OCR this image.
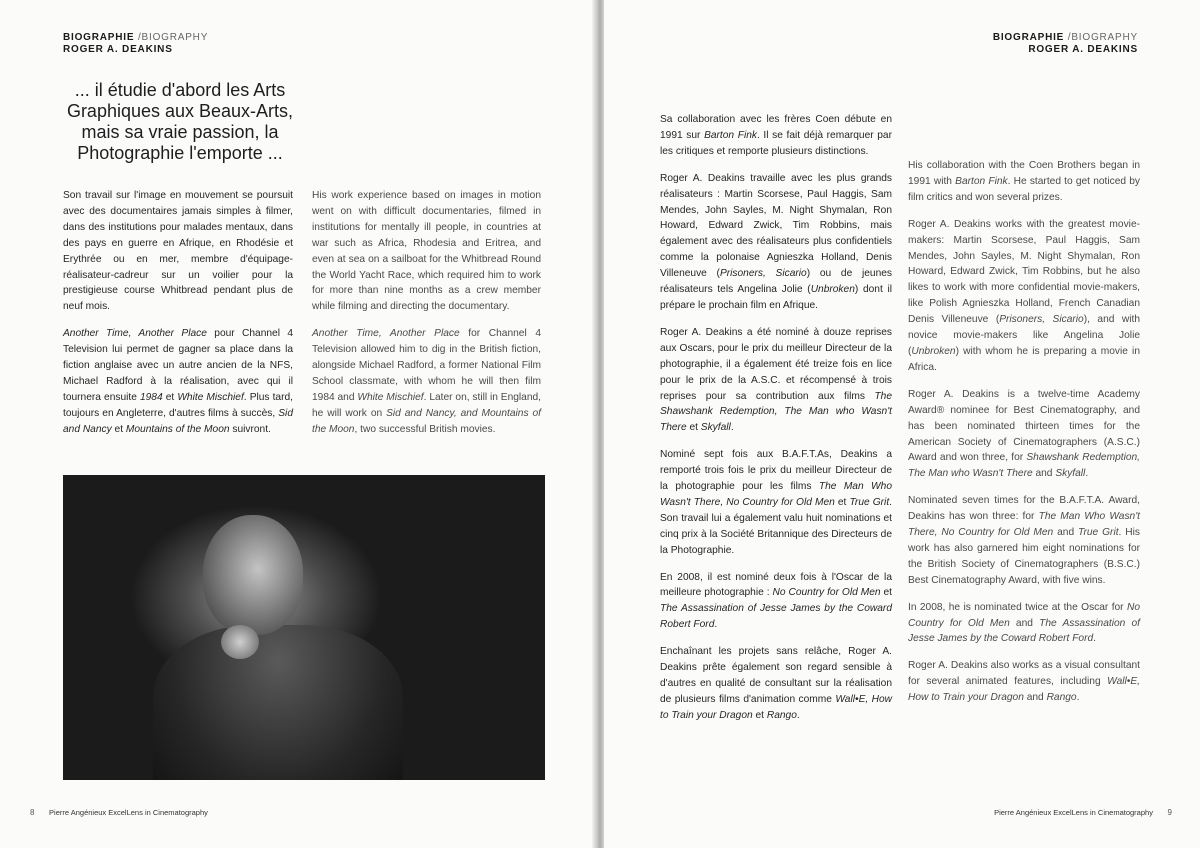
BIOGRAPHIE /BIOGRAPHY
ROGER A. DEAKINS
... il étudie d'abord les Arts Graphiques aux Beaux-Arts, mais sa vraie passion, la Photographie l'emporte ...

Son travail sur l'image en mouvement se poursuit avec des documentaires jamais simples à filmer, dans des institutions pour malades mentaux, dans des pays en guerre en Afrique, en Rhodésie et Erythrée ou en mer, membre d'équipage-réalisateur-cadreur sur un voilier pour la prestigieuse course Whitbread pendant plus de neuf mois.

Another Time, Another Place pour Channel 4 Television lui permet de gagner sa place dans la fiction anglaise avec un autre ancien de la NFS, Michael Radford à la réalisation, avec qui il tournera ensuite 1984 et White Mischief. Plus tard, toujours en Angleterre, d'autres films à succès, Sid and Nancy et Mountains of the Moon suivront.

His work experience based on images in motion went on with difficult documentaries, filmed in institutions for mentally ill people, in countries at war such as Africa, Rhodesia and Eritrea, and even at sea on a sailboat for the Whitbread Round the World Yacht Race, which required him to work for more than nine months as a crew member while filming and directing the documentary.

Another Time, Another Place for Channel 4 Television allowed him to dig in the British fiction, alongside Michael Radford, a former National Film School classmate, with whom he will then film 1984 and White Mischief. Later on, still in England, he will work on Sid and Nancy, and Mountains of the Moon, two successful British movies.

8 Pierre Angénieux ExcelLens in Cinematography
BIOGRAPHIE /BIOGRAPHY
ROGER A. DEAKINS

Sa collaboration avec les frères Coen débute en 1991 sur Barton Fink. Il se fait déjà remarquer par les critiques et remporte plusieurs distinctions.

Roger A. Deakins travaille avec les plus grands réalisateurs : Martin Scorsese, Paul Haggis, Sam Mendes, John Sayles, M. Night Shymalan, Ron Howard, Edward Zwick, Tim Robbins, mais également avec des réalisateurs plus confidentiels comme la polonaise Agnieszka Holland, Denis Villeneuve (Prisoners, Sicario) ou de jeunes réalisateurs tels Angelina Jolie (Unbroken) dont il prépare le prochain film en Afrique.

Roger A. Deakins a été nominé à douze reprises aux Oscars, pour le prix du meilleur Directeur de la photographie, il a également été treize fois en lice pour le prix de la A.S.C. et récompensé à trois reprises pour sa contribution aux films The Shawshank Redemption, The Man who Wasn't There et Skyfall.

Nominé sept fois aux B.A.F.T.As, Deakins a remporté trois fois le prix du meilleur Directeur de la photographie pour les films The Man Who Wasn't There, No Country for Old Men et True Grit. Son travail lui a également valu huit nominations et cinq prix à la Société Britannique des Directeurs de la Photographie.

En 2008, il est nominé deux fois à l'Oscar de la meilleure photographie : No Country for Old Men et The Assassination of Jesse James by the Coward Robert Ford.

Enchaînant les projets sans relâche, Roger A. Deakins prête également son regard sensible à d'autres en qualité de consultant sur la réalisation de plusieurs films d'animation comme Wall•E, How to Train your Dragon et Rango.

His collaboration with the Coen Brothers began in 1991 with Barton Fink. He started to get noticed by film critics and won several prizes.

Roger A. Deakins works with the greatest movie-makers: Martin Scorsese, Paul Haggis, Sam Mendes, John Sayles, M. Night Shymalan, Ron Howard, Edward Zwick, Tim Robbins, but he also likes to work with more confidential movie-makers, like Polish Agnieszka Holland, French Canadian Denis Villeneuve (Prisoners, Sicario), and with novice movie-makers like Angelina Jolie (Unbroken) with whom he is preparing a movie in Africa.

Roger A. Deakins is a twelve-time Academy Award® nominee for Best Cinematography, and has been nominated thirteen times for the American Society of Cinematographers (A.S.C.) Award and won three, for Shawshank Redemption, The Man who Wasn't There and Skyfall.

Nominated seven times for the B.A.F.T.A. Award, Deakins has won three: for The Man Who Wasn't There, No Country for Old Men and True Grit. His work has also garnered him eight nominations for the British Society of Cinematographers (B.S.C.) Best Cinematography Award, with five wins.

In 2008, he is nominated twice at the Oscar for No Country for Old Men and The Assassination of Jesse James by the Coward Robert Ford.

Roger A. Deakins also works as a visual consultant for several animated features, including Wall•E, How to Train your Dragon and Rango.

Pierre Angénieux ExcelLens in Cinematography 9
